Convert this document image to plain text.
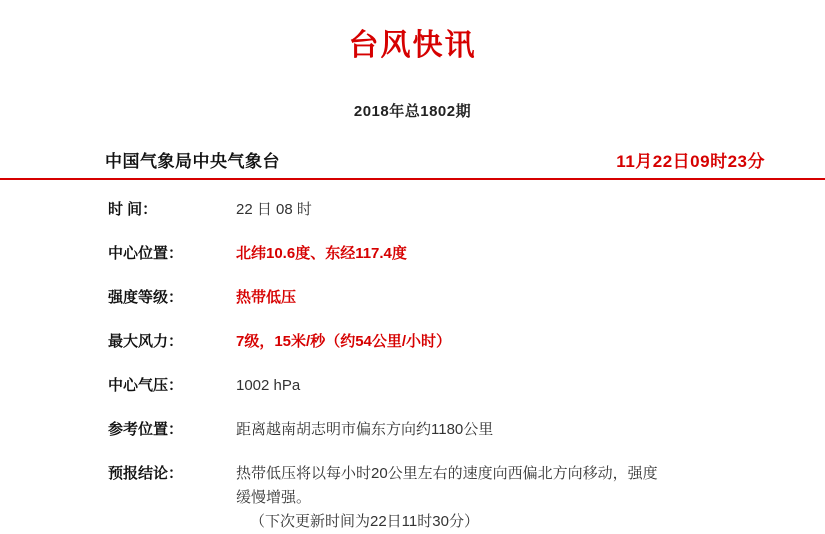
台风快讯
2018年总1802期
中国气象局中央气象台	11月22日09时23分
时 间：	22 日 08 时
中心位置：	北纬10.6度、东经117.4度
强度等级：	热带低压
最大风力：	7级，15米/秒（约54公里/小时）
中心气压：	1002 hPa
参考位置：	距离越南胡志明市偏东方向约1180公里
预报结论：	热带低压将以每小时20公里左右的速度向西偏北方向移动，强度
缓慢增强。
（下次更新时间为22日11时30分）
